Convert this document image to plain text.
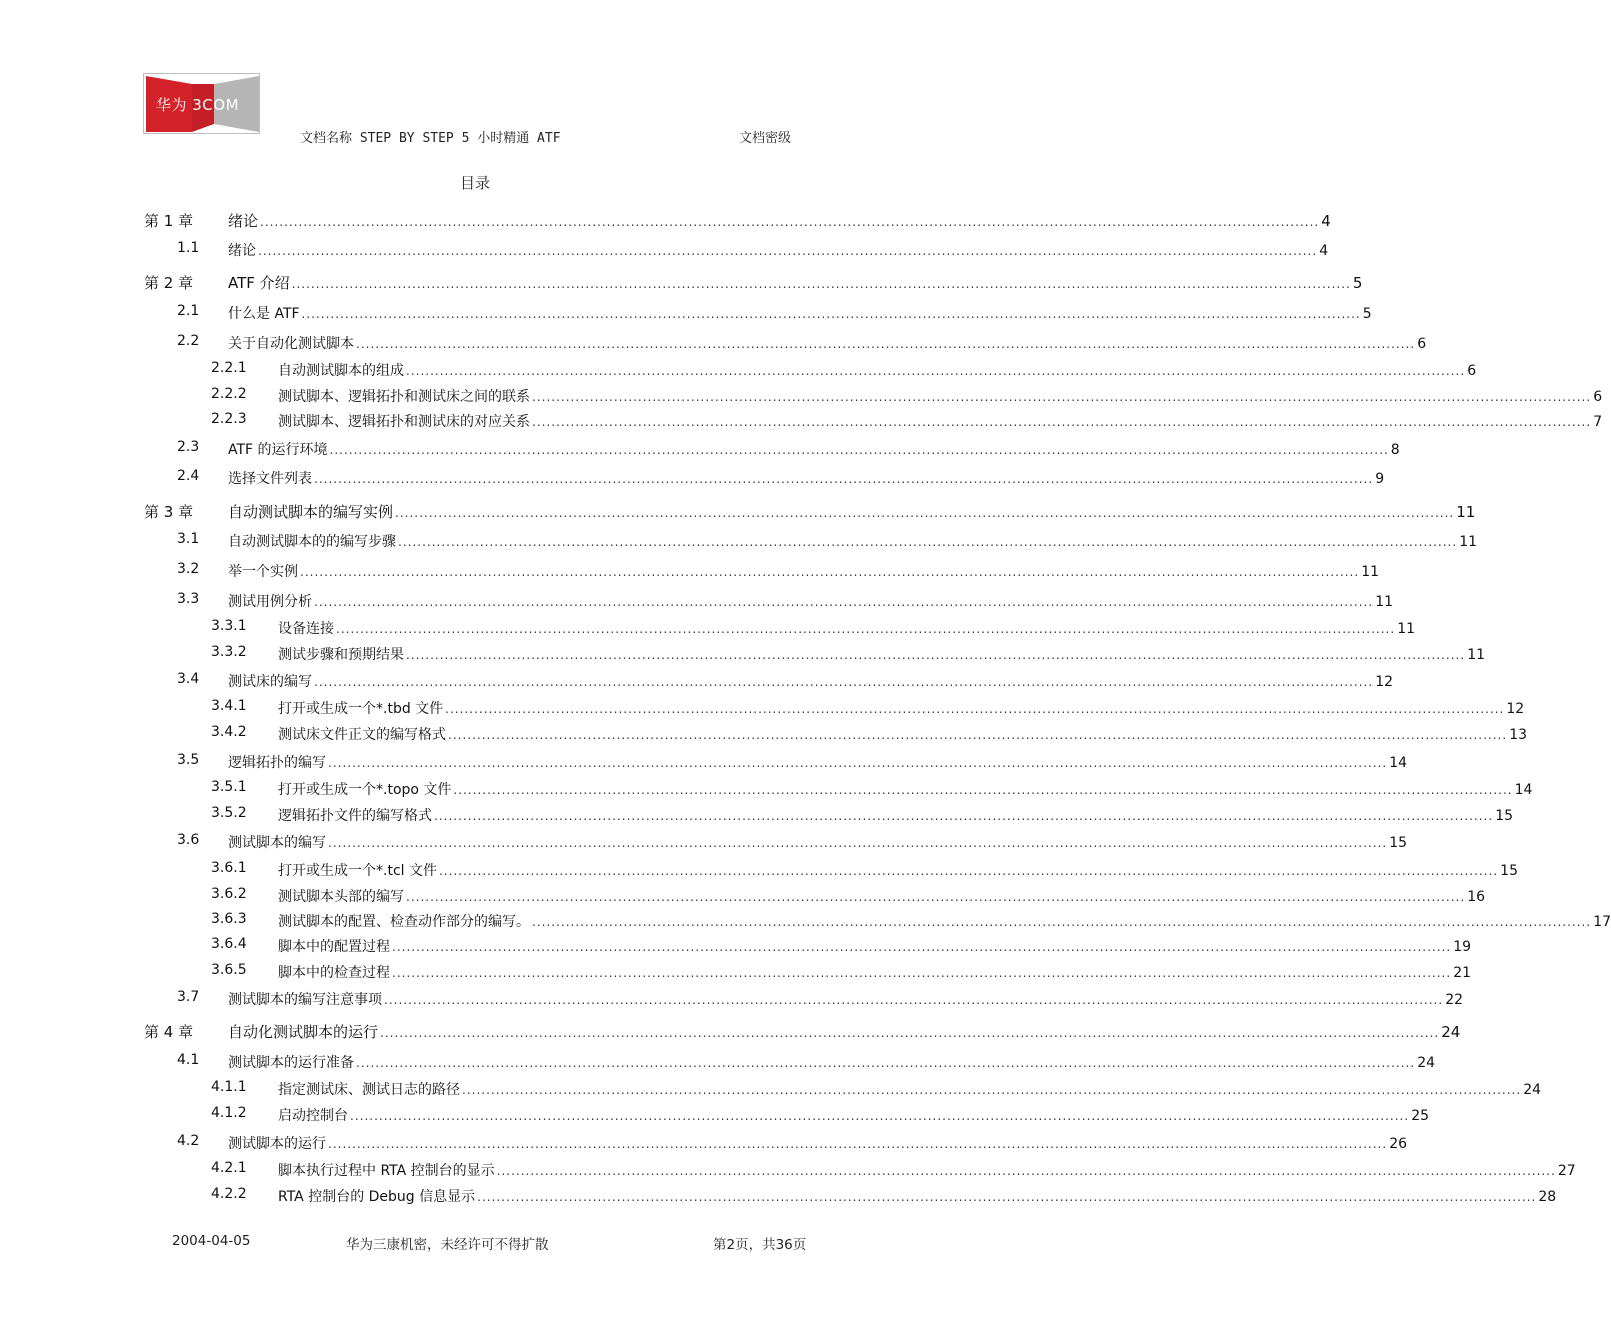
华为 3COM
文档名称 STEP BY STEP 5 小时精通 ATF	文档密级
目录
第 1 章 绪论 ............................................................................................................................................................................................................................ 4
1.1 绪论 ............................................................................................................................................................................................................................ 4
第 2 章 ATF 介绍 ............................................................................................................................................................................................................................ 5
2.1 什么是 ATF ............................................................................................................................................................................................................................ 5
2.2 关于自动化测试脚本 ............................................................................................................................................................................................................................ 6
2.2.1 自动测试脚本的组成 ............................................................................................................................................................................................................................ 6
2.2.2 测试脚本、逻辑拓扑和测试床之间的联系 ............................................................................................................................................................................................................................ 6
2.2.3 测试脚本、逻辑拓扑和测试床的对应关系 ............................................................................................................................................................................................................................ 7
2.3 ATF 的运行环境 ............................................................................................................................................................................................................................ 8
2.4 选择文件列表 ............................................................................................................................................................................................................................ 9
第 3 章 自动测试脚本的编写实例 ............................................................................................................................................................................................................................ 11
3.1 自动测试脚本的的编写步骤 ............................................................................................................................................................................................................................ 11
3.2 举一个实例 ............................................................................................................................................................................................................................ 11
3.3 测试用例分析 ............................................................................................................................................................................................................................ 11
3.3.1 设备连接 ............................................................................................................................................................................................................................ 11
3.3.2 测试步骤和预期结果 ............................................................................................................................................................................................................................ 11
3.4 测试床的编写 ............................................................................................................................................................................................................................ 12
3.4.1 打开或生成一个*.tbd 文件 ............................................................................................................................................................................................................................ 12
3.4.2 测试床文件正文的编写格式 ............................................................................................................................................................................................................................ 13
3.5 逻辑拓扑的编写 ............................................................................................................................................................................................................................ 14
3.5.1 打开或生成一个*.topo 文件 ............................................................................................................................................................................................................................ 14
3.5.2 逻辑拓扑文件的编写格式 ............................................................................................................................................................................................................................ 15
3.6 测试脚本的编写 ............................................................................................................................................................................................................................ 15
3.6.1 打开或生成一个*.tcl 文件 ............................................................................................................................................................................................................................ 15
3.6.2 测试脚本头部的编写 ............................................................................................................................................................................................................................ 16
3.6.3 测试脚本的配置、检查动作部分的编写。 ............................................................................................................................................................................................................................ 17
3.6.4 脚本中的配置过程 ............................................................................................................................................................................................................................ 19
3.6.5 脚本中的检查过程 ............................................................................................................................................................................................................................ 21
3.7 测试脚本的编写注意事项 ............................................................................................................................................................................................................................ 22
第 4 章 自动化测试脚本的运行 ............................................................................................................................................................................................................................ 24
4.1 测试脚本的运行准备 ............................................................................................................................................................................................................................ 24
4.1.1 指定测试床、测试日志的路径 ............................................................................................................................................................................................................................ 24
4.1.2 启动控制台 ............................................................................................................................................................................................................................ 25
4.2 测试脚本的运行 ............................................................................................................................................................................................................................ 26
4.2.1 脚本执行过程中 RTA 控制台的显示 ............................................................................................................................................................................................................................ 27
4.2.2 RTA 控制台的 Debug 信息显示 ............................................................................................................................................................................................................................ 28
2004-04-05	华为三康机密，未经许可不得扩散	第2页，共36页
